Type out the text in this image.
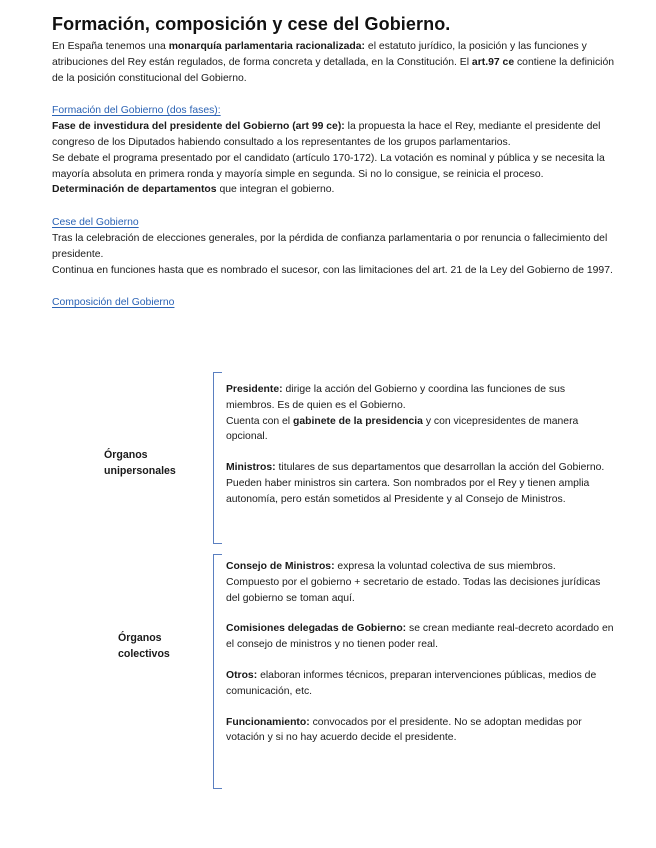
Formación, composición y cese del Gobierno.

En España tenemos una monarquía parlamentaria racionalizada: el estatuto jurídico, la posición y las funciones y atribuciones del Rey están regulados, de forma concreta y detallada, en la Constitución. El art.97 ce contiene la definición de la posición constitucional del Gobierno.

Formación del Gobierno (dos fases):

Fase de investidura del presidente del Gobierno (art 99 ce): la propuesta la hace el Rey, mediante el presidente del congreso de los Diputados habiendo consultado a los representantes de los grupos parlamentarios.

Se debate el programa presentado por el candidato (artículo 170-172). La votación es nominal y pública y se necesita la mayoría absoluta en primera ronda y mayoría simple en segunda. Si no lo consigue, se reinicia el proceso.

Determinación de departamentos que integran el gobierno.

Cese del Gobierno

Tras la celebración de elecciones generales, por la pérdida de confianza parlamentaria o por renuncia o fallecimiento del presidente.

Continua en funciones hasta que es nombrado el sucesor, con las limitaciones del art. 21 de la Ley del Gobierno de 1997.

Composición del Gobierno
Órganos
unipersonales

Presidente: dirige la acción del Gobierno y coordina las funciones de sus miembros. Es de quien es el Gobierno.

Cuenta con el gabinete de la presidencia y con vicepresidentes de manera opcional.

Ministros: titulares de sus departamentos que desarrollan la acción del Gobierno. Pueden haber ministros sin cartera. Son nombrados por el Rey y tienen amplia autonomía, pero están sometidos al Presidente y al Consejo de Ministros.

Órganos
colectivos

Consejo de Ministros: expresa la voluntad colectiva de sus miembros.

Compuesto por el gobierno + secretario de estado. Todas las decisiones jurídicas del gobierno se toman aquí.

Comisiones delegadas de Gobierno: se crean mediante real-decreto acordado en el consejo de ministros y no tienen poder real.

Otros: elaboran informes técnicos, preparan intervenciones públicas, medios de comunicación, etc.

Funcionamiento: convocados por el presidente. No se adoptan medidas por votación y si no hay acuerdo decide el presidente.
